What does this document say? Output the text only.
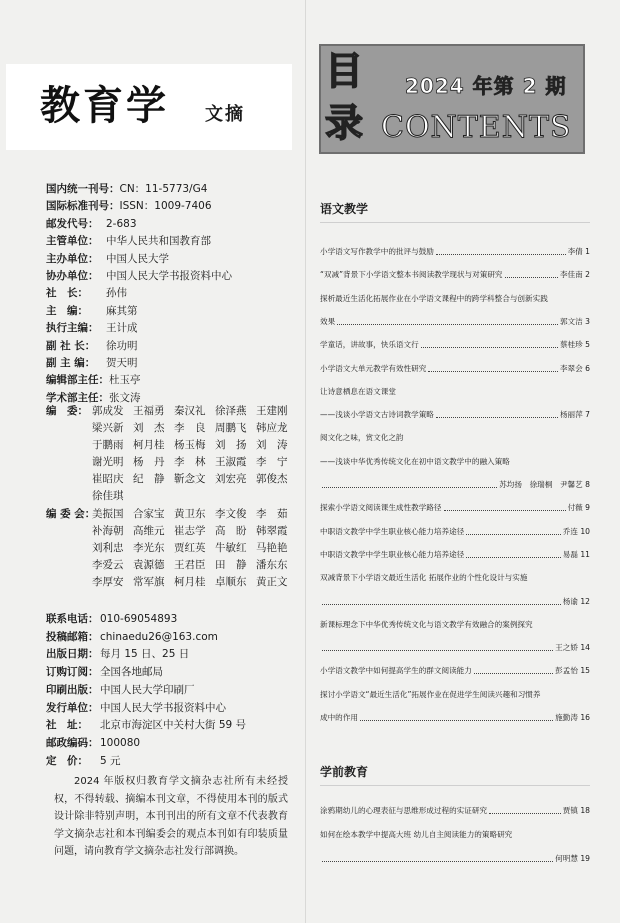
教育学 文摘
国内统一刊号： CN：11-5773/G4
国际标准刊号： ISSN：1009-7406
邮发代号： 2-683
主管单位： 中华人民共和国教育部
主办单位： 中国人民大学
协办单位： 中国人民大学书报资料中心
社　长：	孙伟
主　编：	麻其第
执行主编： 王计成
副 社 长：	徐功明
副 主 编：	贺天明
编辑部主任： 杜玉亭
学术部主任： 张文涛
编　委： 郭成发 王福勇 秦汉礼 徐泽燕 王建刚
梁兴新 刘　杰 李　良 周鹏飞 韩应龙
于鹏雨 柯月桂 杨玉梅 刘　扬 刘　涛
谢光明 杨　丹 李　林 王淑霞 李　宁
崔昭庆 纪　静 靳念文 刘宏亮 郭俊杰
徐佳琪
编 委 会：
美振国 合家宝 黄卫东 李文俊 李　茹
补海朝 高维元 崔志学 高　盼 韩翠霞
刘利忠 李光东 贾红英 牛敏红 马艳艳
李爱云 袁源德 王君臣 田　静 潘东东
李厚安 常军旗 柯月桂 卓顺东 黄正文
联系电话： 010-69054893
投稿邮箱： chinaedu26@163.com
出版日期： 每月 15 日、25 日
订购订阅： 全国各地邮局
印刷出版： 中国人民大学印刷厂
发行单位： 中国人民大学书报资料中心
社　址：	北京市海淀区中关村大街 59 号
邮政编码： 100080
定　价：	5 元

2024 年版权归教育学文摘杂志社所有未经授权，不得转载、摘编本刊文章，不得使用本刊的版式设计除非特别声明，本刊刊出的所有文章不代表教育学文摘杂志社和本刊编委会的观点本刊如有印装质量问题，请向教育学文摘杂志社发行部调换。

目
录
2024 年第 2 期
CONTENTS
语文教学
小学语文写作教学中的批评与鼓励	李倩 1
“双减”背景下小学语文整本书阅读教学现状与对策研究	李佳南 2
探析最近生活化拓展作业在小学语文课程中的跨学科整合与创新实践
效果	郭文洁 3
学童话，讲故事，快乐语文行	蔡桂珍 5
小学语文大单元教学有效性研究	李翠会 6
让诗意栖息在语文课堂
——浅谈小学语文古诗词教学策略	杨丽萍 7
阅文化之味，赏文化之韵
——浅谈中华优秀传统文化在初中语文教学中的融入策略
苏均扬　徐瑞桐　尹馨艺 8
探索小学语文阅读课生成性教学路径	付薇 9
中职语文教学中学生职业核心能力培养途径	乔连 10
中职语文教学中学生职业核心能力培养途径	易磊 11
双减背景下小学语文最近生活化 拓展作业的个性化设计与实施
杨谕 12
新课标理念下中华优秀传统文化与语文教学有效融合的案例探究
王之娇 14
小学语文教学中如何提高学生的群文阅读能力	彭孟怡 15
探讨小学语文“最近生活化”拓展作业在促进学生阅读兴趣和习惯养
成中的作用	施勤涛 16
学前教育
涂鸦期幼儿的心理表征与思维形成过程的实证研究	贾镇 18
如何在绘本教学中提高大班 幼儿自主阅读能力的策略研究
何明慧 19
